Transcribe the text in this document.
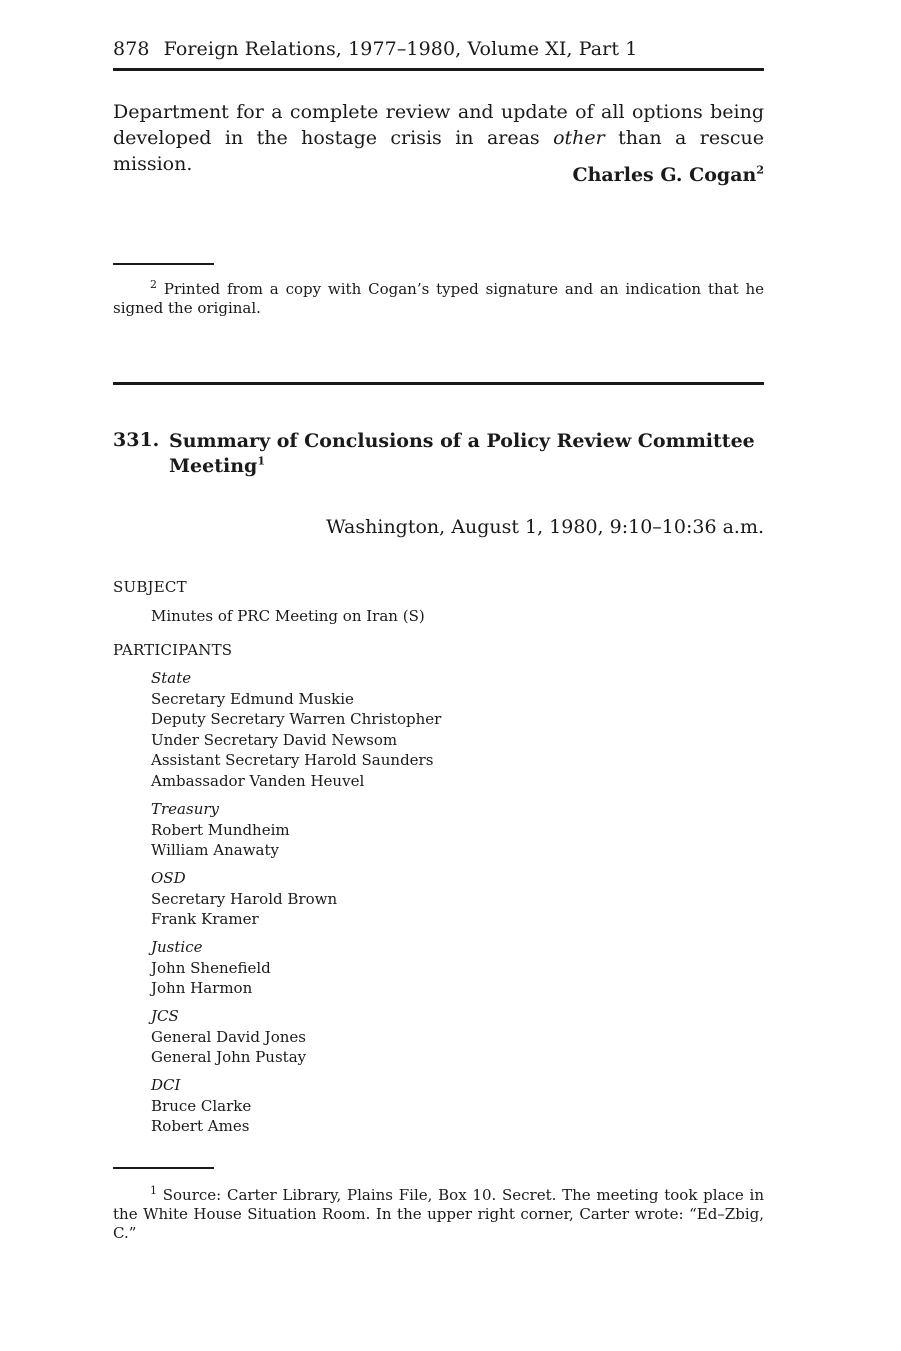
878 Foreign Relations, 1977–1980, Volume XI, Part 1
Department for a complete review and update of all options being developed in the hostage crisis in areas other than a rescue mission.	Charles G. Cogan$^2$
$^2$ Printed from a copy with Cogan’s typed signature and an indication that he signed the original.
331. Summary of Conclusions of a Policy Review Committee Meeting$^1$
Washington, August 1, 1980, 9:10–10:36 a.m.
SUBJECT
Minutes of PRC Meeting on Iran (S)
PARTICIPANTS
State
Secretary Edmund Muskie
Deputy Secretary Warren Christopher
Under Secretary David Newsom
Assistant Secretary Harold Saunders
Ambassador Vanden Heuvel
Treasury
Robert Mundheim
William Anawaty
OSD
Secretary Harold Brown
Frank Kramer
Justice
John Shenefield
John Harmon
JCS
General David Jones
General John Pustay
DCI
Bruce Clarke
Robert Ames
$^1$ Source: Carter Library, Plains File, Box 10. Secret. The meeting took place in the White House Situation Room. In the upper right corner, Carter wrote: “Ed–Zbig, C.”
